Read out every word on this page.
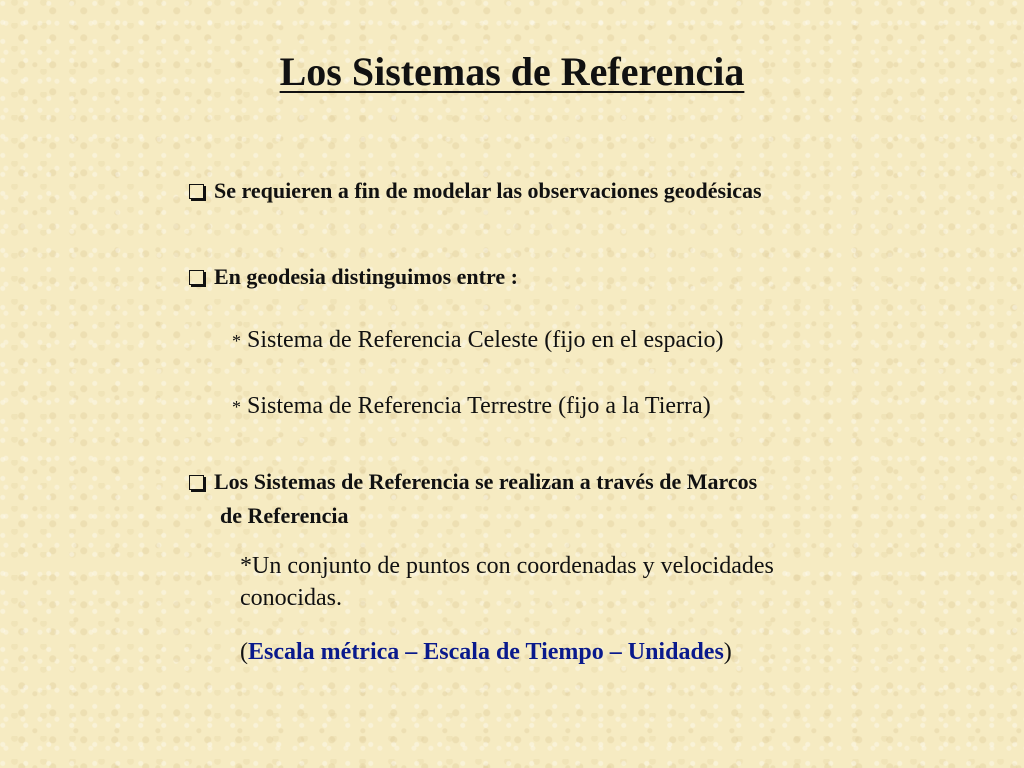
Los Sistemas de Referencia
Se requieren a fin de modelar las observaciones geodésicas
En geodesia distinguimos entre :
* Sistema de Referencia Celeste (fijo en el espacio)
* Sistema de Referencia Terrestre (fijo a la Tierra)
Los Sistemas de Referencia se realizan a través de Marcos
de Referencia
*Un conjunto de puntos con coordenadas y velocidades
conocidas.
(Escala métrica – Escala de Tiempo – Unidades)
